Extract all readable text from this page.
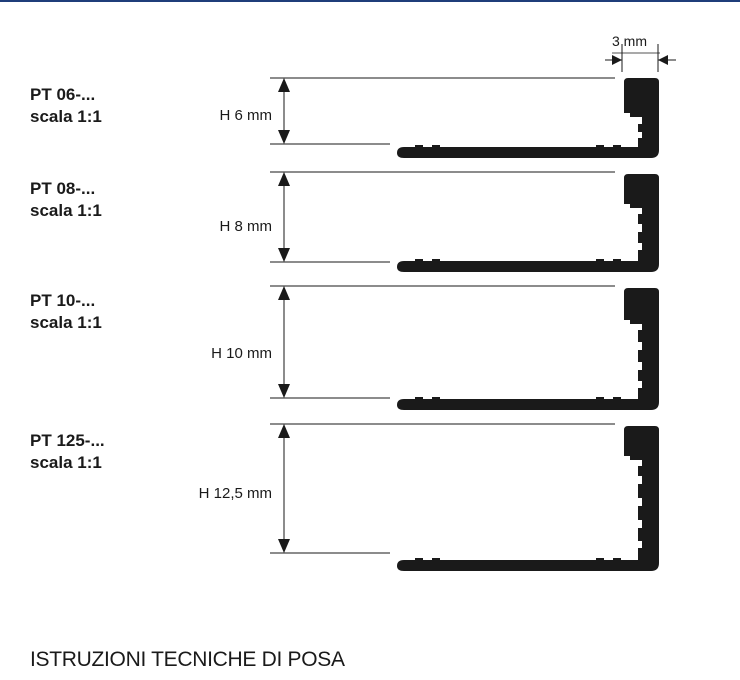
3 mm
PT 06-...
scala 1:1	H 6 mm
PT 08-...
scala 1:1
H 8 mm
PT 10-...
scala 1:1
H 10 mm
PT 125-...
scala 1:1
H 12,5 mm
ISTRUZIONI TECNICHE DI POSA
